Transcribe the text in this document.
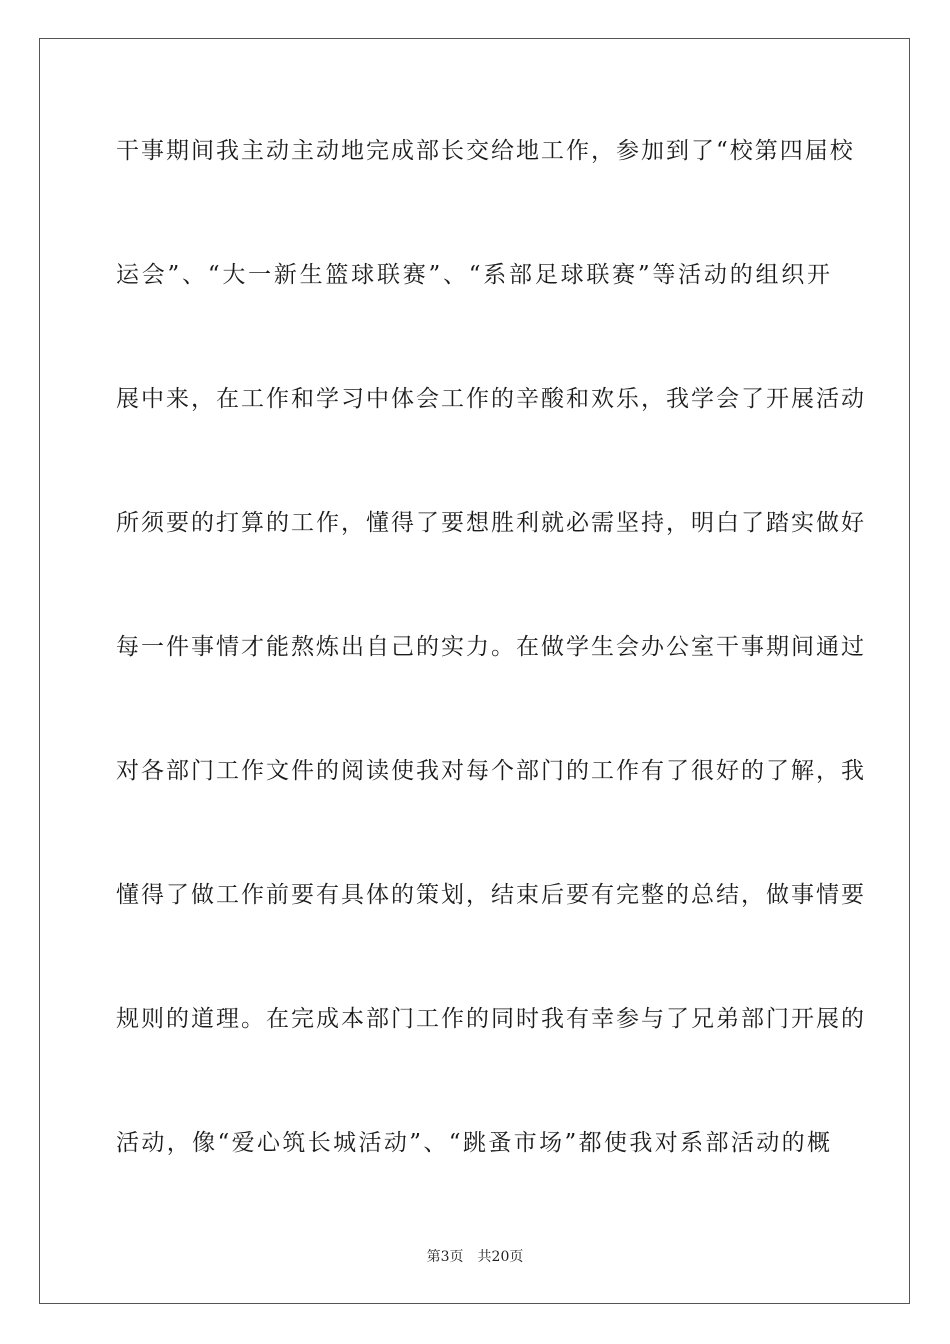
干事期间我主动主动地完成部长交给地工作，参加到了“校第四届校
运会”、“大一新生篮球联赛”、“系部足球联赛”等活动的组织开
展中来，在工作和学习中体会工作的辛酸和欢乐，我学会了开展活动
所须要的打算的工作，懂得了要想胜利就必需坚持，明白了踏实做好
每一件事情才能熬炼出自己的实力。在做学生会办公室干事期间通过
对各部门工作文件的阅读使我对每个部门的工作有了很好的了解，我
懂得了做工作前要有具体的策划，结束后要有完整的总结，做事情要
规则的道理。在完成本部门工作的同时我有幸参与了兄弟部门开展的
活动，像“爱心筑长城活动”、“跳蚤市场”都使我对系部活动的概
第3页 共20页
